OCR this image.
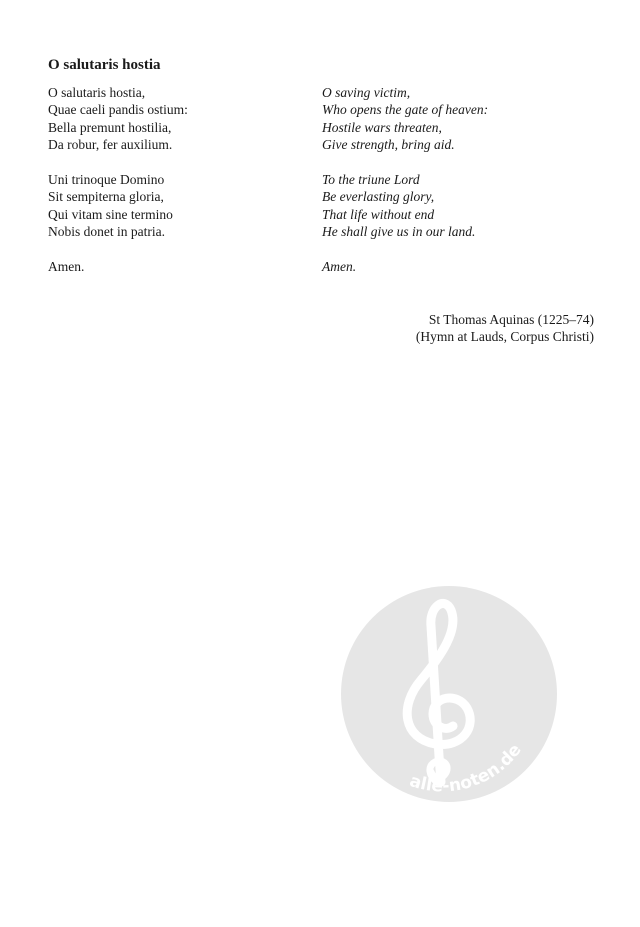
O salutaris hostia

O salutaris hostia,
Quae caeli pandis ostium:
Bella premunt hostilia,
Da robur, fer auxilium.

Uni trinoque Domino
Sit sempiterna gloria,
Qui vitam sine termino
Nobis donet in patria.

Amen.

O saving victim,
Who opens the gate of heaven:
Hostile wars threaten,
Give strength, bring aid.

To the triune Lord
Be everlasting glory,
That life without end
He shall give us in our land.

Amen.

St Thomas Aquinas (1225–74)
(Hymn at Lauds, Corpus Christi)
alle-noten.de
